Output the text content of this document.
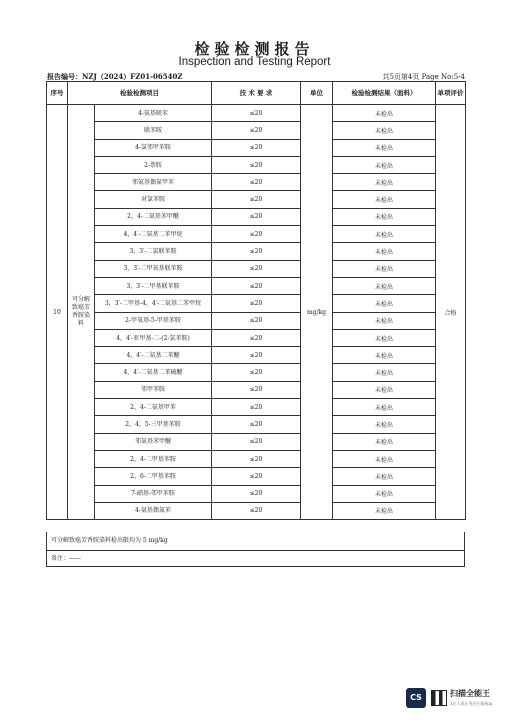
检验检测报告
Inspection and Testing Report
报告编号：NZJ（2024）FZ01-06540Z	共5页第4页 Page No:5-4
序号	检验检测项目		技 术 要 求	单位	检验检测结果（面料）	单项评价
10	可分解致癌芳香胺染料	4-氨基联苯	≤20	mg/kg	未检出	合格
		联苯胺	≤20		未检出	
		4-氯邻甲苯胺	≤20		未检出	
		2-萘胺	≤20		未检出	
		邻氨基偶氮甲苯	≤20		未检出	
		对氯苯胺	≤20		未检出	
		2，4-二氨基苯甲醚	≤20		未检出	
		4，4′-二氨基二苯甲烷	≤20		未检出	
		3，3′-二氯联苯胺	≤20		未检出	
		3，3′-二甲氧基联苯胺	≤20		未检出	
		3，3′-二甲基联苯胺	≤20		未检出	
		3，3′-二甲基-4，4′-二氨基二苯甲烷	≤20		未检出	
		2-甲氧基-5-甲基苯胺	≤20		未检出	
		4，4′-亚甲基-二-(2-氯苯胺)	≤20		未检出	
		4，4′-二氨基二苯醚	≤20		未检出	
		4，4′-二氨基二苯硫醚	≤20		未检出	
		邻甲苯胺	≤20		未检出	
		2，4-二氨基甲苯	≤20		未检出	
		2，4，5-三甲基苯胺	≤20		未检出	
		邻氨基苯甲醚	≤20		未检出	
		2，4-二甲基苯胺	≤20		未检出	
		2，6-二甲基苯胺	≤20		未检出	
		7-硝基-邻甲苯胺	≤20		未检出	
		4-氨基偶氮苯	≤20		未检出	
可分解致癌芳香胺染料检出限均为 5 mg/kg
备注：——
CS	扫描全能王
3亿人都在用的扫描App
